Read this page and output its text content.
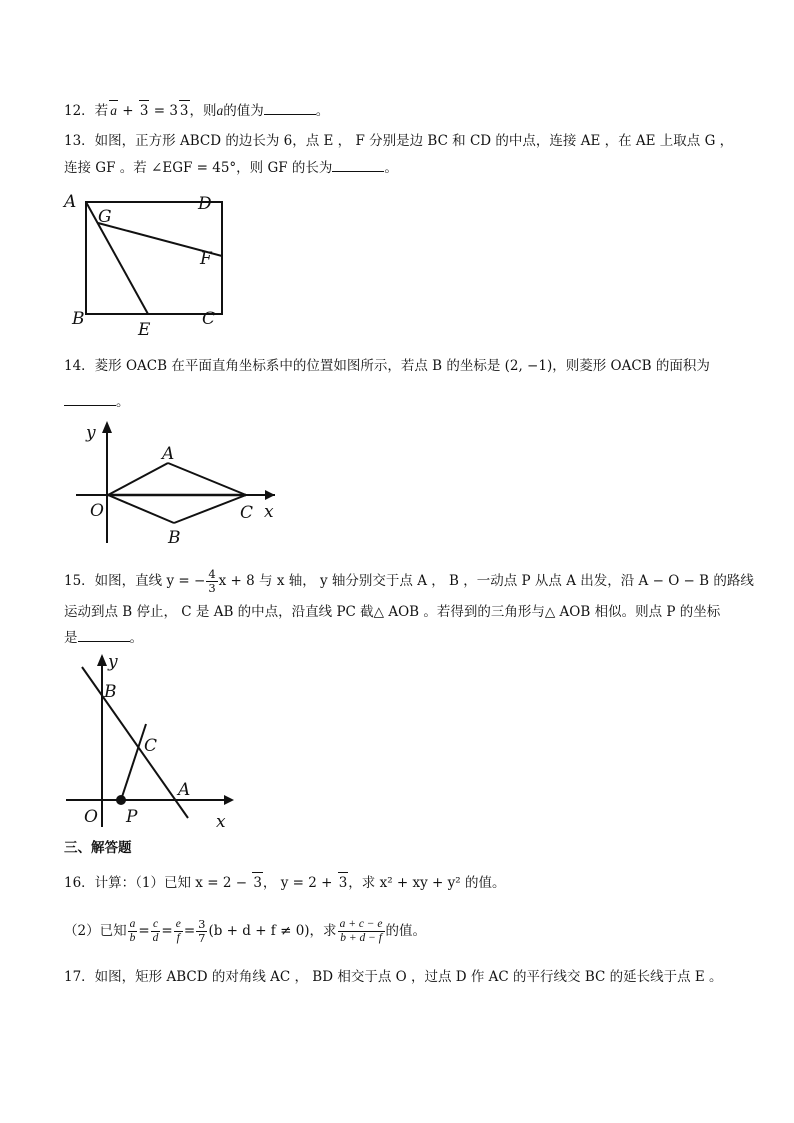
12．若 a + 3 = 3 3，则a的值为	。
13．如图，正方形 ABCD 的边长为 6，点 E ， F 分别是边 BC 和 CD 的中点，连接 AE ，在 AE 上取点 G ，
连接 GF 。若 ∠EGF = 45°，则 GF 的长为	。
A
G
D
F
B
E
C
14．菱形 OACB 在平面直角坐标系中的位置如图所示，若点 B 的坐标是 (2, −1)，则菱形 OACB 的面积为
。
y
A
O	C x
B
15．如图，直线 y = − $\frac{4}{3}$ x + 8 与 x 轴， y 轴分别交于点 A ， B ，一动点 P 从点 A 出发，沿 A − O − B 的路线
运动到点 B 停止， C 是 AB 的中点，沿直线 PC 截△ AOB 。若得到的三角形与△ AOB 相似。则点 P 的坐标
是	。
y
B
C
A
O P	x
三、解答题
16．计算：（1）已知 x = 2 − 3， y = 2 + 3，求 x² + xy + y² 的值。
（2）已知 $\frac{a}{b} = \frac{c}{d} = \frac{e}{f} = \frac{3}{7} (b + d + f \ne 0)$，求 $\frac{a + c - e}{b + d - f}$ 的值。
17．如图，矩形 ABCD 的对角线 AC ， BD 相交于点 O ，过点 D 作 AC 的平行线交 BC 的延长线于点 E 。
